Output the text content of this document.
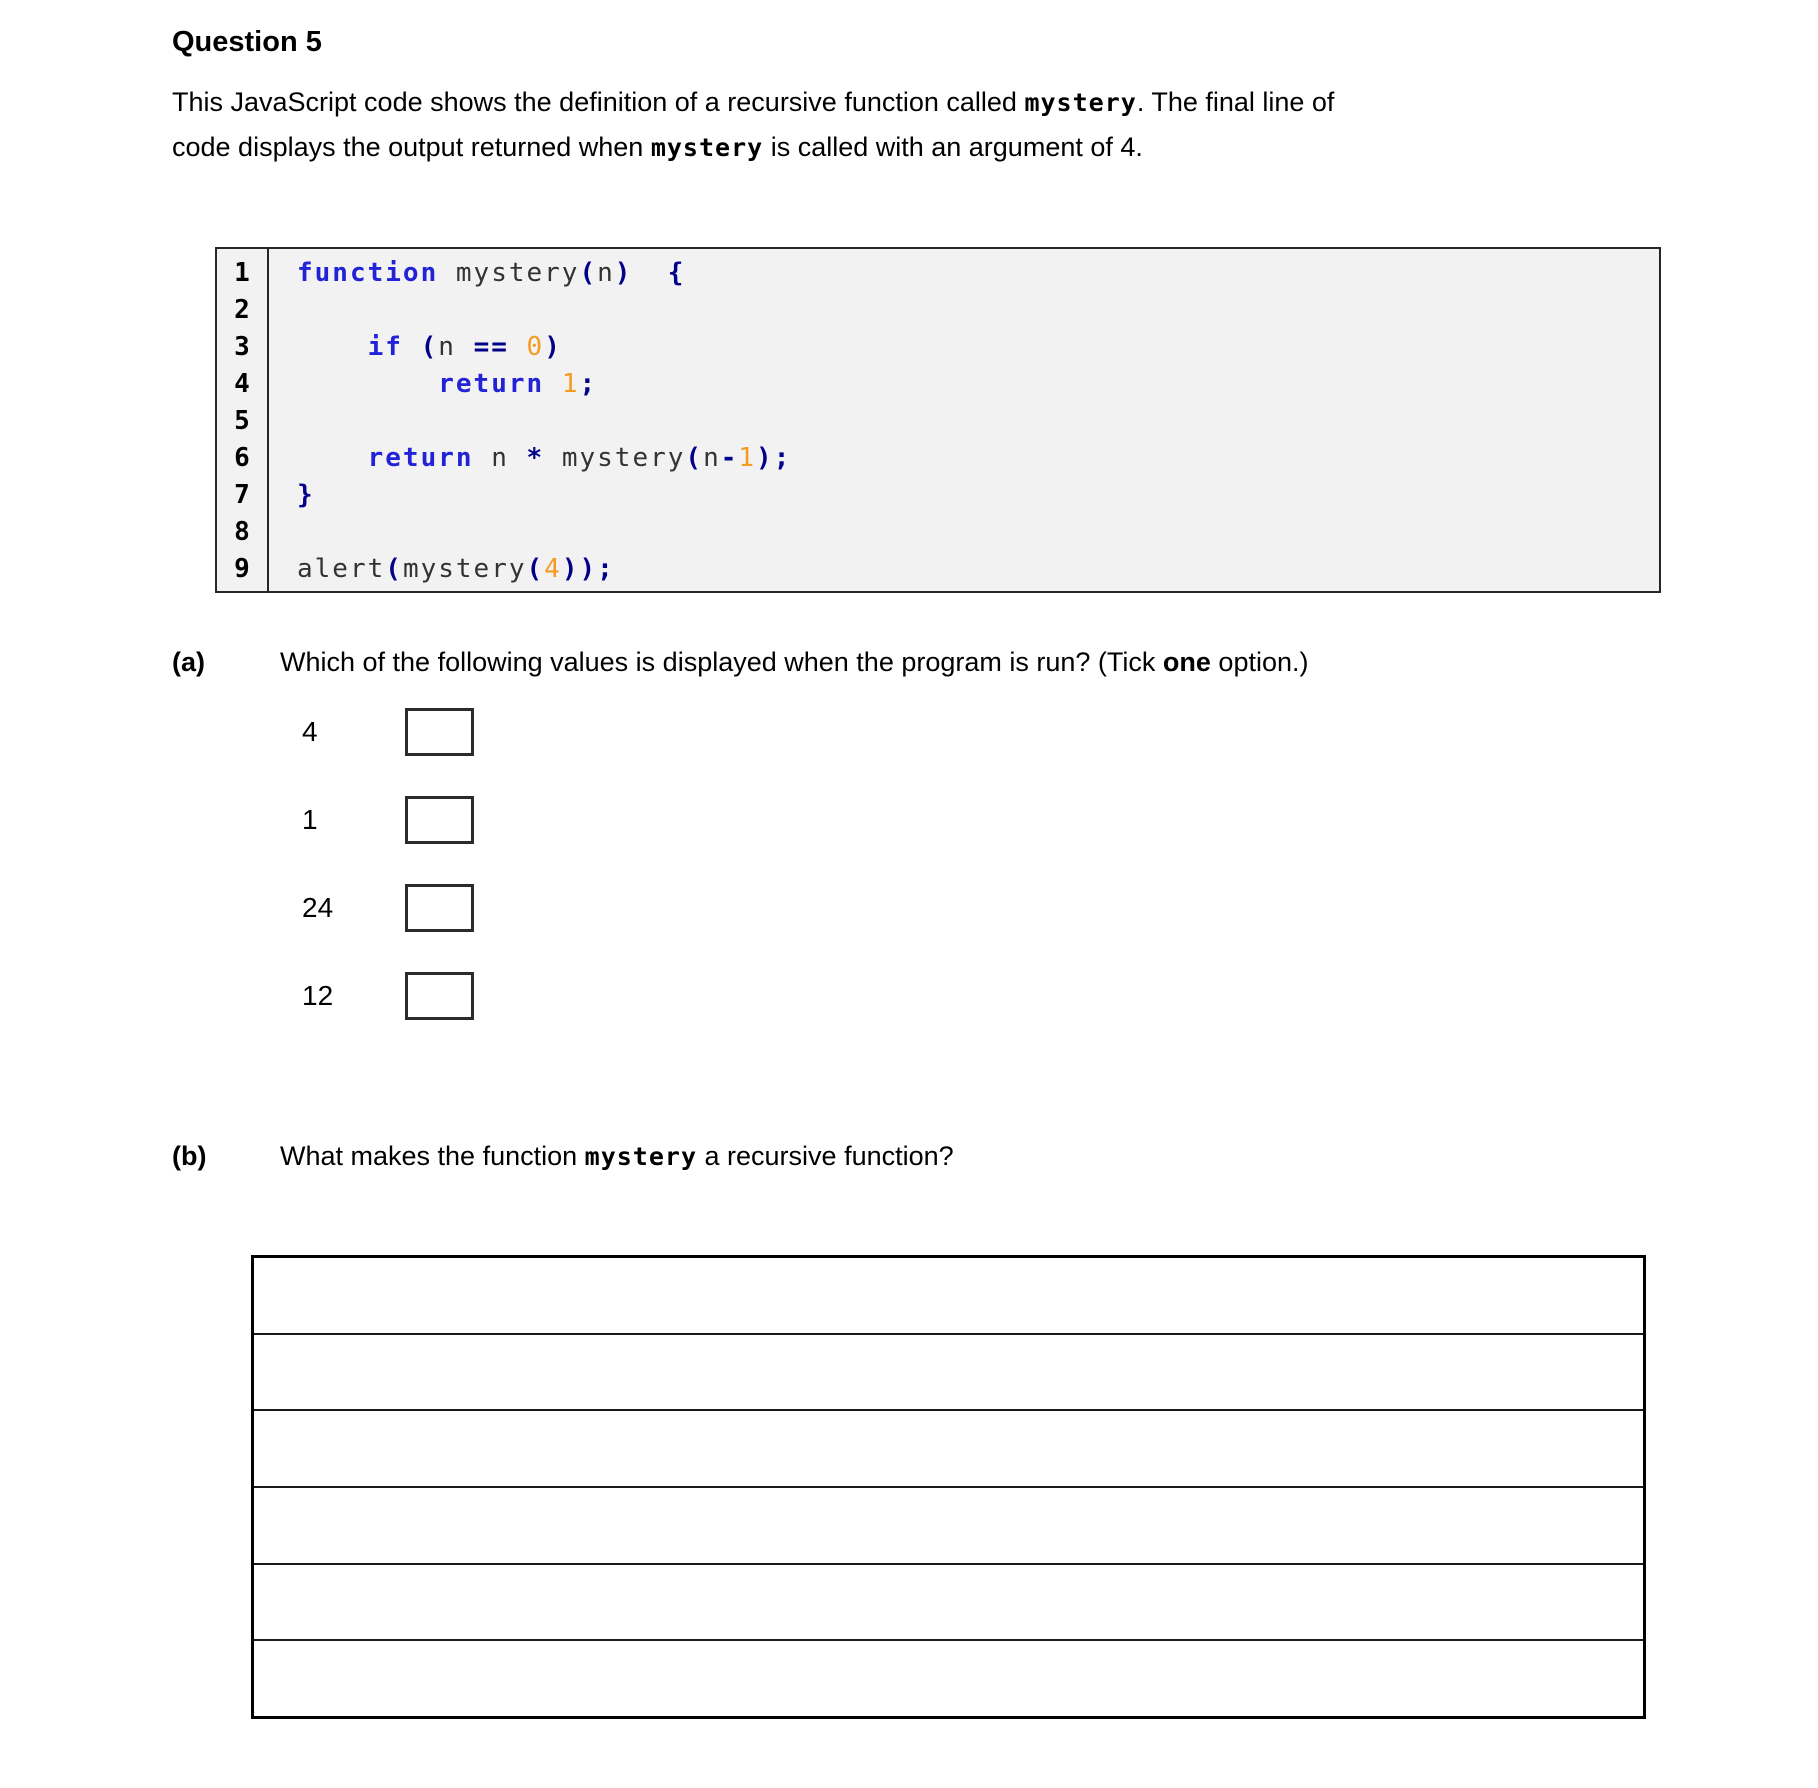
Question 5
This JavaScript code shows the definition of a recursive function called mystery. The final line of
code displays the output returned when mystery is called with an argument of 4.
1
2
3
4
5
6
7
8
9
function mystery(n) {
if (n == 0)
return 1;
return n * mystery(n-1);
}
alert(mystery(4));
(a)	Which of the following values is displayed when the program is run? (Tick one option.)
4
1
24
12
(b)	What makes the function mystery a recursive function?
